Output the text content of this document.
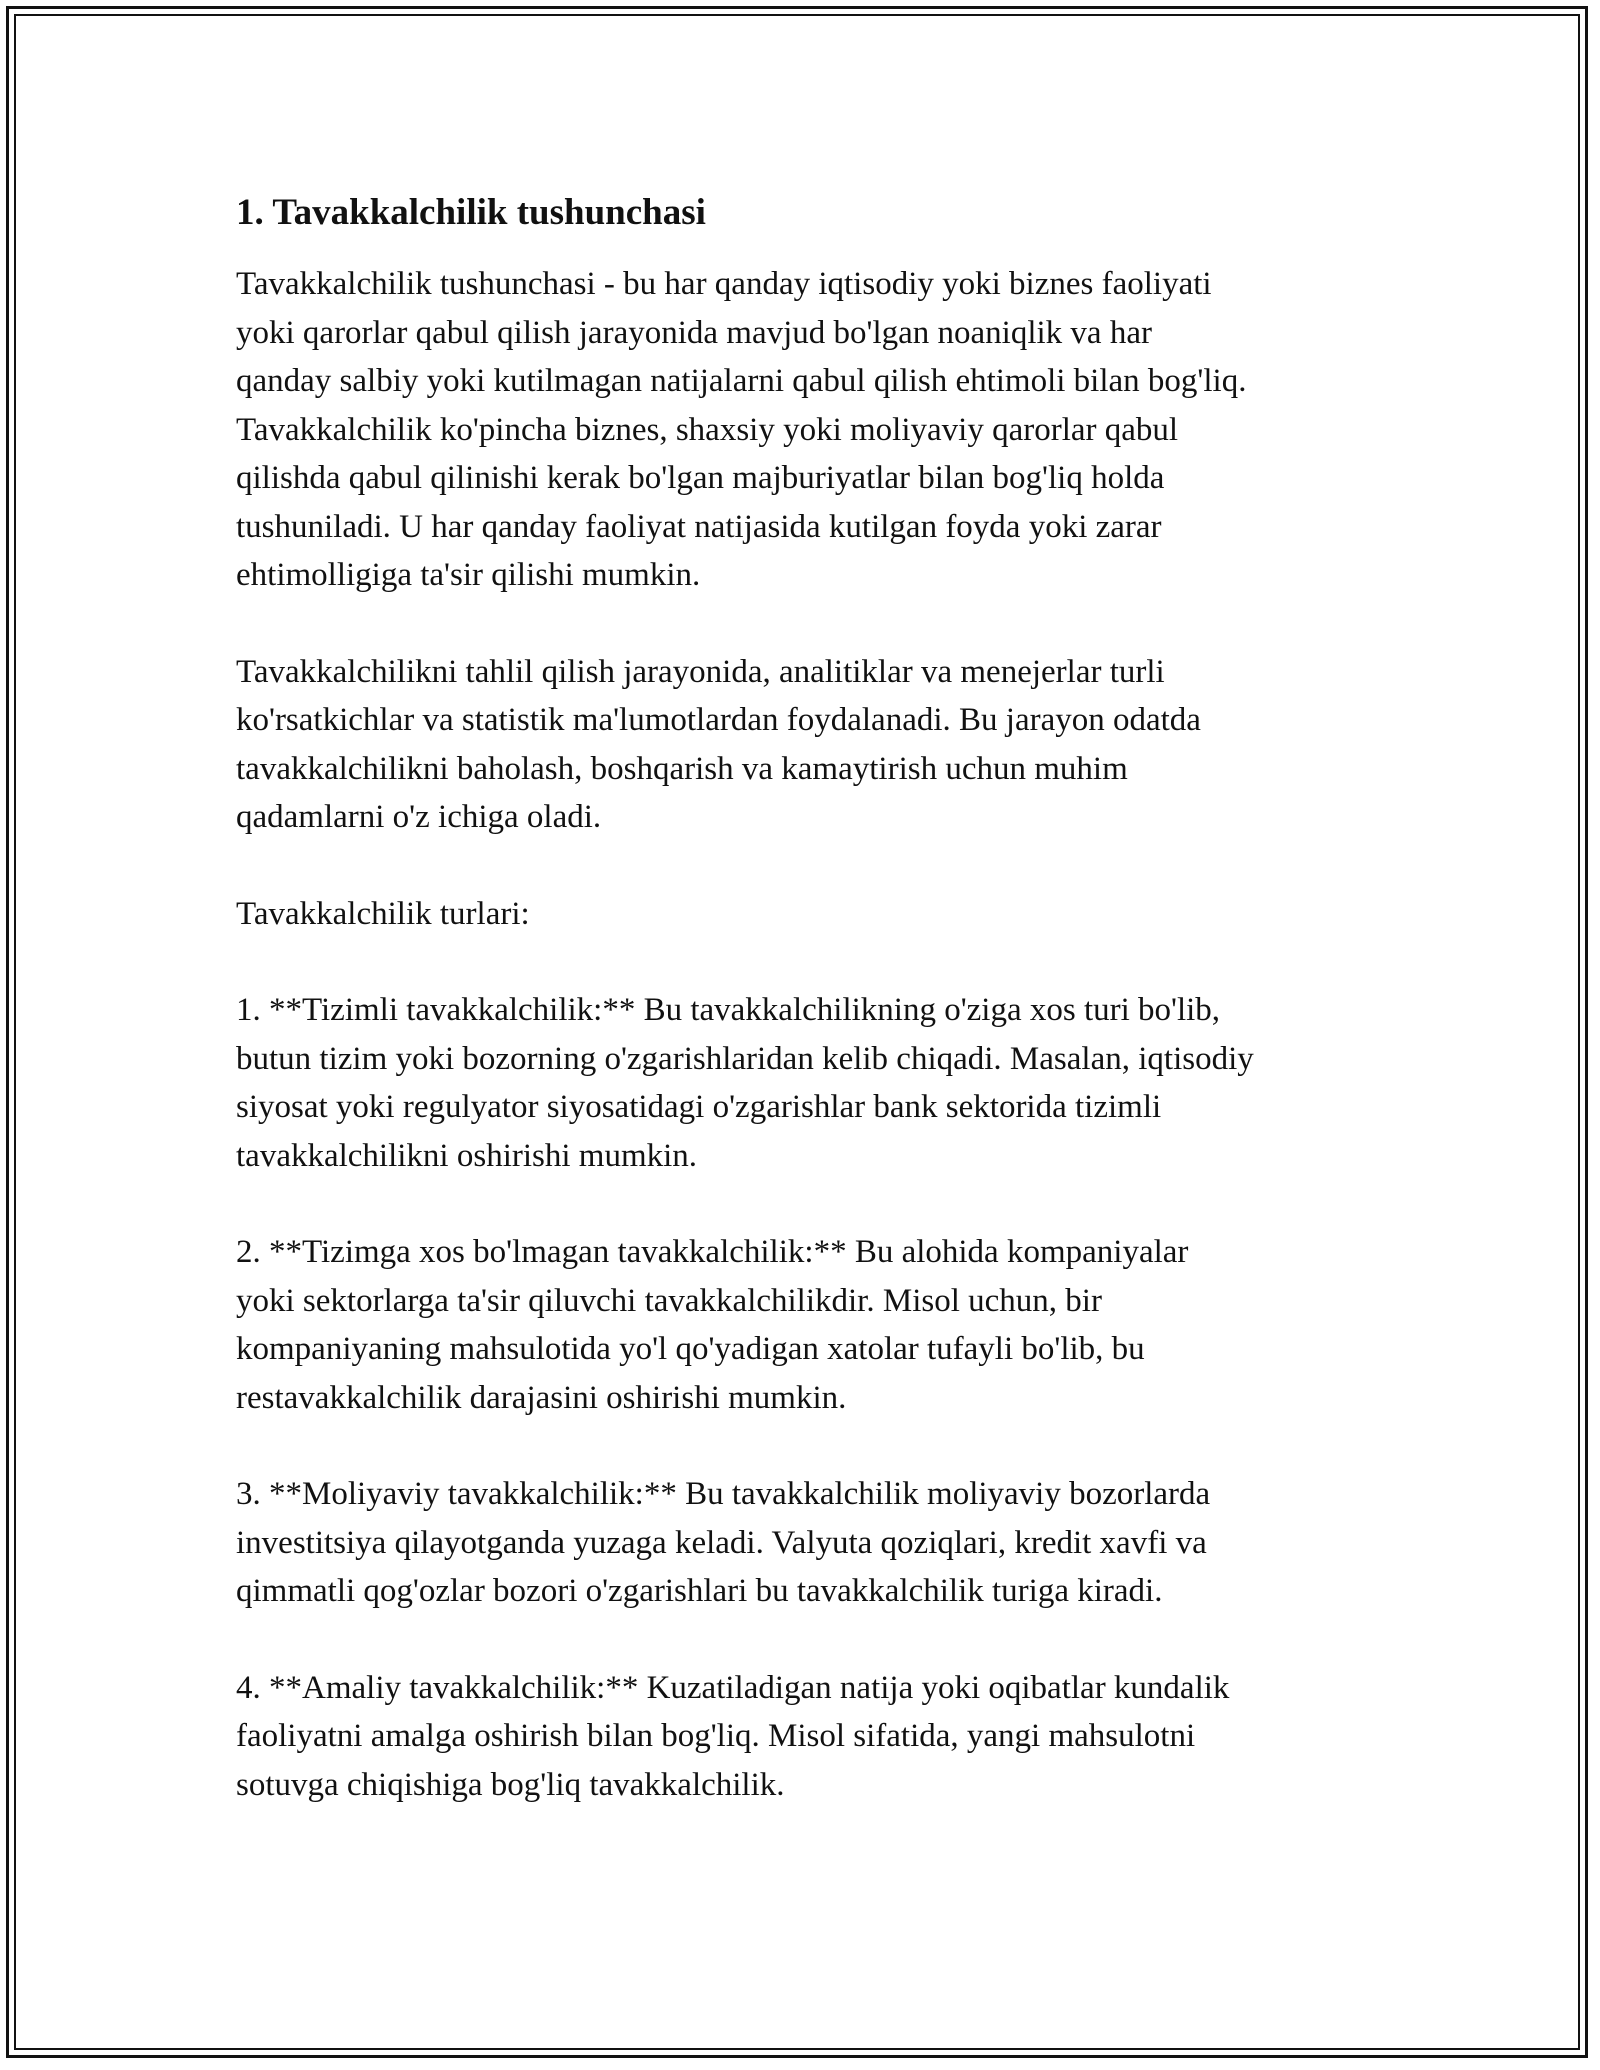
1. Tavakkalchilik tushunchasi

Tavakkalchilik tushunchasi - bu har qanday iqtisodiy yoki biznes faoliyati
yoki qarorlar qabul qilish jarayonida mavjud bo'lgan noaniqlik va har
qanday salbiy yoki kutilmagan natijalarni qabul qilish ehtimoli bilan bog'liq.
Tavakkalchilik ko'pincha biznes, shaxsiy yoki moliyaviy qarorlar qabul
qilishda qabul qilinishi kerak bo'lgan majburiyatlar bilan bog'liq holda
tushuniladi. U har qanday faoliyat natijasida kutilgan foyda yoki zarar
ehtimolligiga ta'sir qilishi mumkin.

Tavakkalchilikni tahlil qilish jarayonida, analitiklar va menejerlar turli
ko'rsatkichlar va statistik ma'lumotlardan foydalanadi. Bu jarayon odatda
tavakkalchilikni baholash, boshqarish va kamaytirish uchun muhim
qadamlarni o'z ichiga oladi.

Tavakkalchilik turlari:

1. **Tizimli tavakkalchilik:** Bu tavakkalchilikning o'ziga xos turi bo'lib,
butun tizim yoki bozorning o'zgarishlaridan kelib chiqadi. Masalan, iqtisodiy
siyosat yoki regulyator siyosatidagi o'zgarishlar bank sektorida tizimli
tavakkalchilikni oshirishi mumkin.

2. **Tizimga xos bo'lmagan tavakkalchilik:** Bu alohida kompaniyalar
yoki sektorlarga ta'sir qiluvchi tavakkalchilikdir. Misol uchun, bir
kompaniyaning mahsulotida yo'l qo'yadigan xatolar tufayli bo'lib, bu
restavakkalchilik darajasini oshirishi mumkin.

3. **Moliyaviy tavakkalchilik:** Bu tavakkalchilik moliyaviy bozorlarda
investitsiya qilayotganda yuzaga keladi. Valyuta qoziqlari, kredit xavfi va
qimmatli qog'ozlar bozori o'zgarishlari bu tavakkalchilik turiga kiradi.

4. **Amaliy tavakkalchilik:** Kuzatiladigan natija yoki oqibatlar kundalik
faoliyatni amalga oshirish bilan bog'liq. Misol sifatida, yangi mahsulotni
sotuvga chiqishiga bog'liq tavakkalchilik.
